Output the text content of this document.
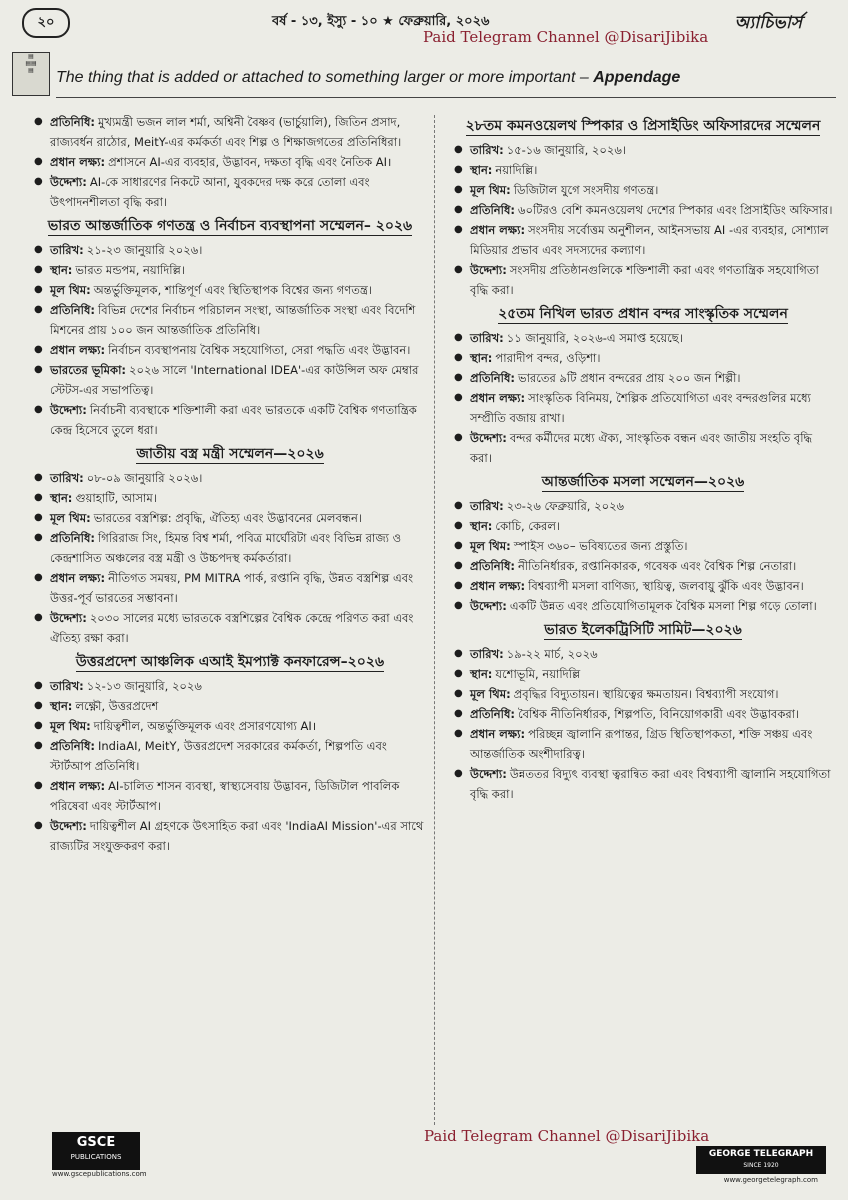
২০	বর্ষ - ১৩, ইস্যু - ১০ ★ ফেব্রুয়ারি, ২০২৬	অ্যাচিভার্স
Paid Telegram Channel @DisariJibika
▤
▤▤
▤	The thing that is added or attached to something larger or more important – Appendage
● প্রতিনিধি: মুখ্যমন্ত্রী ভজন লাল শর্মা, অশ্বিনী বৈষ্ণব (ভার্চুয়ালি), জিতিন প্রসাদ, রাজ্যবর্ধন রাঠোর, MeitY-এর কর্মকর্তা এবং শিল্প ও শিক্ষাজগতের প্রতিনিধিরা।
● প্রধান লক্ষ্য: প্রশাসনে AI-এর ব্যবহার, উদ্ভাবন, দক্ষতা বৃদ্ধি এবং নৈতিক AI।
● উদ্দেশ্য: AI-কে সাধারণের নিকটে আনা, যুবকদের দক্ষ করে তোলা এবং উৎপাদনশীলতা বৃদ্ধি করা।
ভারত আন্তর্জাতিক গণতন্ত্র ও নির্বাচন ব্যবস্থাপনা সম্মেলন– ২০২৬
● তারিখ: ২১-২৩ জানুয়ারি ২০২৬।
● স্থান: ভারত মন্ডপম, নয়াদিল্লি।
● মূল থিম: অন্তর্ভুক্তিমূলক, শান্তিপূর্ণ এবং স্থিতিস্থাপক বিশ্বের জন্য গণতন্ত্র।
● প্রতিনিধি: বিভিন্ন দেশের নির্বাচন পরিচালন সংস্থা, আন্তর্জাতিক সংস্থা এবং বিদেশি মিশনের প্রায় ১০০ জন আন্তর্জাতিক প্রতিনিধি।
● প্রধান লক্ষ্য: নির্বাচন ব্যবস্থাপনায় বৈশ্বিক সহযোগিতা, সেরা পদ্ধতি এবং উদ্ভাবন।
● ভারতের ভূমিকা: ২০২৬ সালে 'International IDEA'-এর কাউন্সিল অফ মেম্বার স্টেটস-এর সভাপতিত্ব।
● উদ্দেশ্য: নির্বাচনী ব্যবস্থাকে শক্তিশালী করা এবং ভারতকে একটি বৈশ্বিক গণতান্ত্রিক কেন্দ্র হিসেবে তুলে ধরা।
জাতীয় বস্ত্র মন্ত্রী সম্মেলন—২০২৬
● তারিখ: ০৮-০৯ জানুয়ারি ২০২৬।
● স্থান: গুয়াহাটি, আসাম।
● মূল থিম: ভারতের বস্ত্রশিল্প: প্রবৃদ্ধি, ঐতিহ্য এবং উদ্ভাবনের মেলবন্ধন।
● প্রতিনিধি: গিরিরাজ সিং, হিমন্ত বিশ্ব শর্মা, পবিত্র মার্ঘেরিটা এবং বিভিন্ন রাজ্য ও কেন্দ্রশাসিত অঞ্চলের বস্ত্র মন্ত্রী ও উচ্চপদস্থ কর্মকর্তারা।
● প্রধান লক্ষ্য: নীতিগত সমন্বয়, PM MITRA পার্ক, রপ্তানি বৃদ্ধি, উন্নত বস্ত্রশিল্প এবং উত্তর-পূর্ব ভারতের সম্ভাবনা।
● উদ্দেশ্য: ২০৩০ সালের মধ্যে ভারতকে বস্ত্রশিল্পের বৈশ্বিক কেন্দ্রে পরিণত করা এবং ঐতিহ্য রক্ষা করা।
উত্তরপ্রদেশ আঞ্চলিক এআই ইমপ্যাক্ট কনফারেন্স–২০২৬
● তারিখ: ১২-১৩ জানুয়ারি, ২০২৬
● স্থান: লক্ষ্ণৌ, উত্তরপ্রদেশ
● মূল থিম: দায়িত্বশীল, অন্তর্ভুক্তিমূলক এবং প্রসারণযোগ্য AI।
● প্রতিনিধি: IndiaAI, MeitY, উত্তরপ্রদেশ সরকারের কর্মকর্তা, শিল্পপতি এবং স্টার্টআপ প্রতিনিধি।
● প্রধান লক্ষ্য: AI-চালিত শাসন ব্যবস্থা, স্বাস্থ্যসেবায় উদ্ভাবন, ডিজিটাল পাবলিক পরিষেবা এবং স্টার্টআপ।
● উদ্দেশ্য: দায়িত্বশীল AI গ্রহণকে উৎসাহিত করা এবং 'IndiaAI Mission'-এর সাথে রাজ্যটির সংযুক্তকরণ করা।
২৮তম কমনওয়েলথ স্পিকার ও প্রিসাইডিং অফিসারদের সম্মেলন
● তারিখ: ১৫-১৬ জানুয়ারি, ২০২৬।
● স্থান: নয়াদিল্লি।
● মূল থিম: ডিজিটাল যুগে সংসদীয় গণতন্ত্র।
● প্রতিনিধি: ৬০টিরও বেশি কমনওয়েলথ দেশের স্পিকার এবং প্রিসাইডিং অফিসার।
● প্রধান লক্ষ্য: সংসদীয় সর্বোত্তম অনুশীলন, আইনসভায় AI -এর ব্যবহার, সোশ্যাল মিডিয়ার প্রভাব এবং সদস্যদের কল্যাণ।
● উদ্দেশ্য: সংসদীয় প্রতিষ্ঠানগুলিকে শক্তিশালী করা এবং গণতান্ত্রিক সহযোগিতা বৃদ্ধি করা।
২৫তম নিখিল ভারত প্রধান বন্দর সাংস্কৃতিক সম্মেলন
● তারিখ: ১১ জানুয়ারি, ২০২৬-এ সমাপ্ত হয়েছে।
● স্থান: পারাদীপ বন্দর, ওড়িশা।
● প্রতিনিধি: ভারতের ৯টি প্রধান বন্দরের প্রায় ২০০ জন শিল্পী।
● প্রধান লক্ষ্য: সাংস্কৃতিক বিনিময়, শৈল্পিক প্রতিযোগিতা এবং বন্দরগুলির মধ্যে সম্প্রীতি বজায় রাখা।
● উদ্দেশ্য: বন্দর কর্মীদের মধ্যে ঐক্য, সাংস্কৃতিক বন্ধন এবং জাতীয় সংহতি বৃদ্ধি করা।
আন্তর্জাতিক মসলা সম্মেলন—২০২৬
● তারিখ: ২৩-২৬ ফেব্রুয়ারি, ২০২৬
● স্থান: কোচি, কেরল।
● মূল থিম: স্পাইস ৩৬০– ভবিষ্যতের জন্য প্রস্তুতি।
● প্রতিনিধি: নীতিনির্ধারক, রপ্তানিকারক, গবেষক এবং বৈশ্বিক শিল্প নেতারা।
● প্রধান লক্ষ্য: বিশ্বব্যাপী মসলা বাণিজ্য, স্থায়িত্ব, জলবায়ু ঝুঁকি এবং উদ্ভাবন।
● উদ্দেশ্য: একটি উন্নত এবং প্রতিযোগিতামূলক বৈশ্বিক মসলা শিল্প গড়ে তোলা।
ভারত ইলেকট্রিসিটি সামিট—২০২৬
● তারিখ: ১৯-২২ মার্চ, ২০২৬
● স্থান: যশোভূমি, নয়াদিল্লি
● মূল থিম: প্রবৃদ্ধির বিদ্যুতায়ন। স্থায়িত্বের ক্ষমতায়ন। বিশ্বব্যাপী সংযোগ।
● প্রতিনিধি: বৈশ্বিক নীতিনির্ধারক, শিল্পপতি, বিনিয়োগকারী এবং উদ্ভাবকরা।
● প্রধান লক্ষ্য: পরিচ্ছন্ন জ্বালানি রূপান্তর, গ্রিড স্থিতিস্থাপকতা, শক্তি সঞ্চয় এবং আন্তর্জাতিক অংশীদারিত্ব।
● উদ্দেশ্য: উন্নততর বিদ্যুৎ ব্যবস্থা ত্বরান্বিত করা এবং বিশ্বব্যাপী জ্বালানি সহযোগিতা বৃদ্ধি করা।
GSCE
PUBLICATIONS
www.gscepublications.com
Paid Telegram Channel @DisariJibika
GEORGE TELEGRAPH
SINCE 1920
www.georgetelegraph.com
